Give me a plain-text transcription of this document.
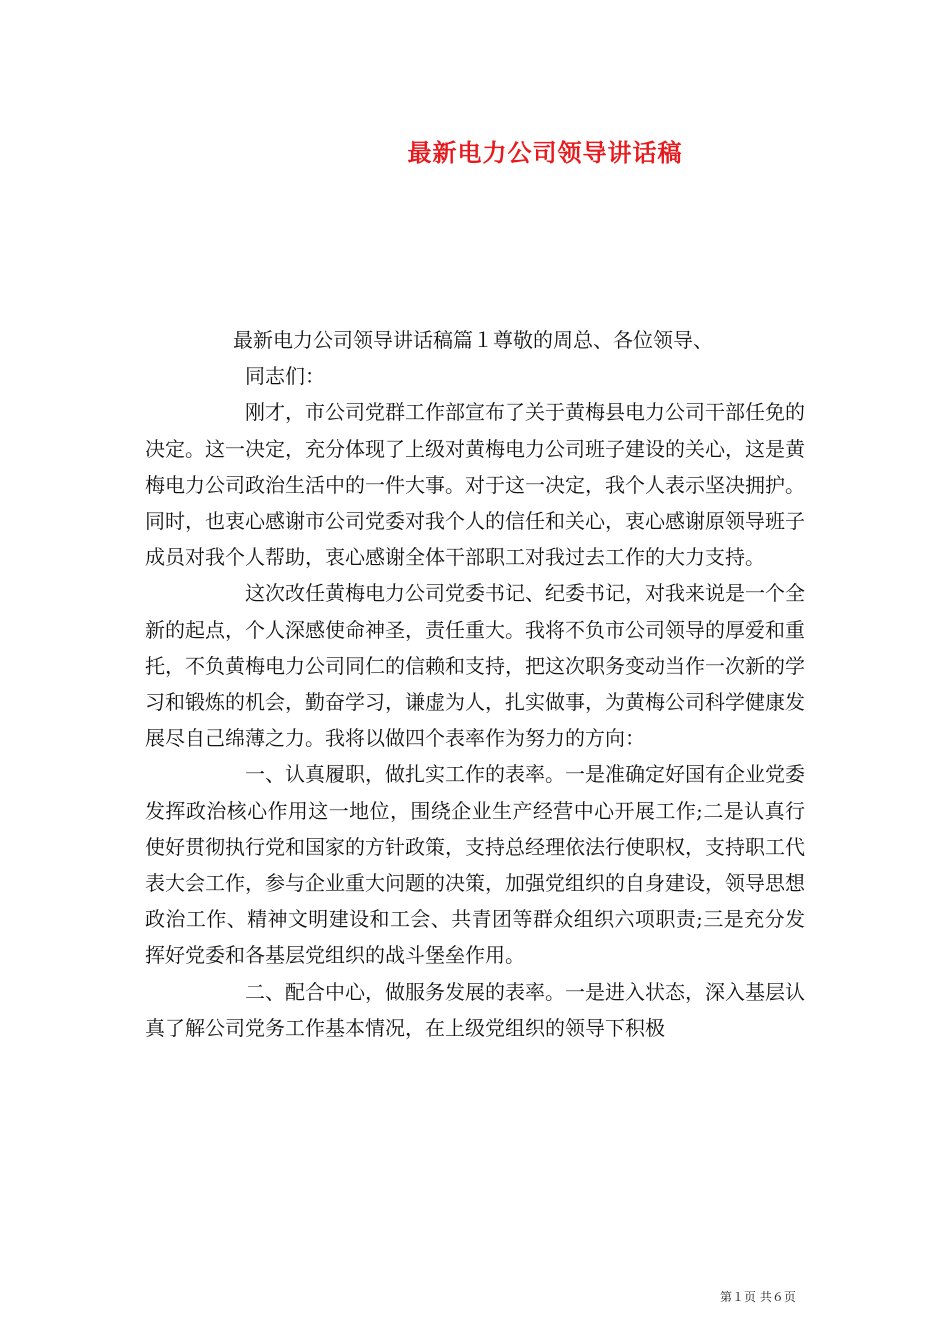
最新电力公司领导讲话稿

最新电力公司领导讲话稿篇１尊敬的周总、各位领导、

同志们：

刚才，市公司党群工作部宣布了关于黄梅县电力公司干部任免的决定。这一决定，充分体现了上级对黄梅电力公司班子建设的关心，这是黄梅电力公司政治生活中的一件大事。对于这一决定，我个人表示坚决拥护。同时，也衷心感谢市公司党委对我个人的信任和关心，衷心感谢原领导班子成员对我个人帮助，衷心感谢全体干部职工对我过去工作的大力支持。

这次改任黄梅电力公司党委书记、纪委书记，对我来说是一个全新的起点，个人深感使命神圣，责任重大。我将不负市公司领导的厚爱和重托，不负黄梅电力公司同仁的信赖和支持，把这次职务变动当作一次新的学习和锻炼的机会，勤奋学习，谦虚为人，扎实做事，为黄梅公司科学健康发展尽自己绵薄之力。我将以做四个表率作为努力的方向：

一、认真履职，做扎实工作的表率。一是准确定好国有企业党委发挥政治核心作用这一地位，围绕企业生产经营中心开展工作;二是认真行使好贯彻执行党和国家的方针政策，支持总经理依法行使职权，支持职工代表大会工作，参与企业重大问题的决策，加强党组织的自身建设，领导思想政治工作、精神文明建设和工会、共青团等群众组织六项职责;三是充分发挥好党委和各基层党组织的战斗堡垒作用。

二、配合中心，做服务发展的表率。一是进入状态，深入基层认真了解公司党务工作基本情况，在上级党组织的领导下积极

第１页 共６页
